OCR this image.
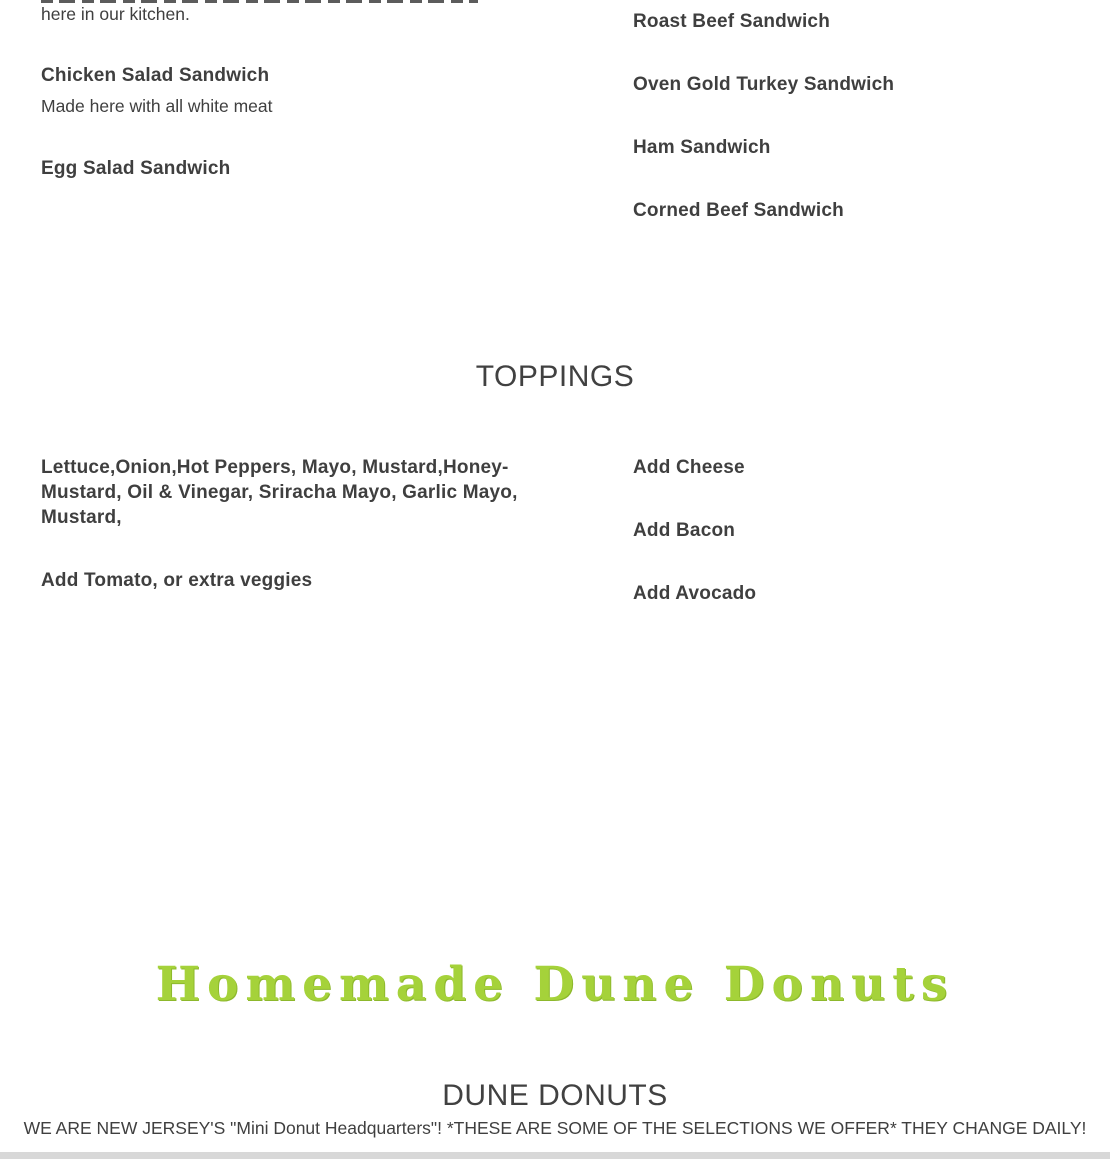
here in our kitchen.
Chicken Salad Sandwich
Made here with all white meat
Egg Salad Sandwich
Roast Beef Sandwich
Oven Gold Turkey Sandwich
Ham Sandwich
Corned Beef Sandwich
TOPPINGS
Lettuce,Onion,Hot Peppers, Mayo, Mustard,Honey-Mustard, Oil & Vinegar, Sriracha Mayo, Garlic Mayo, Mustard,
Add Tomato, or extra veggies
Add Cheese
Add Bacon
Add Avocado
Homemade Dune Donuts
DUNE DONUTS
WE ARE NEW JERSEY'S "Mini Donut Headquarters"! *THESE ARE SOME OF THE SELECTIONS WE OFFER* THEY CHANGE DAILY!
